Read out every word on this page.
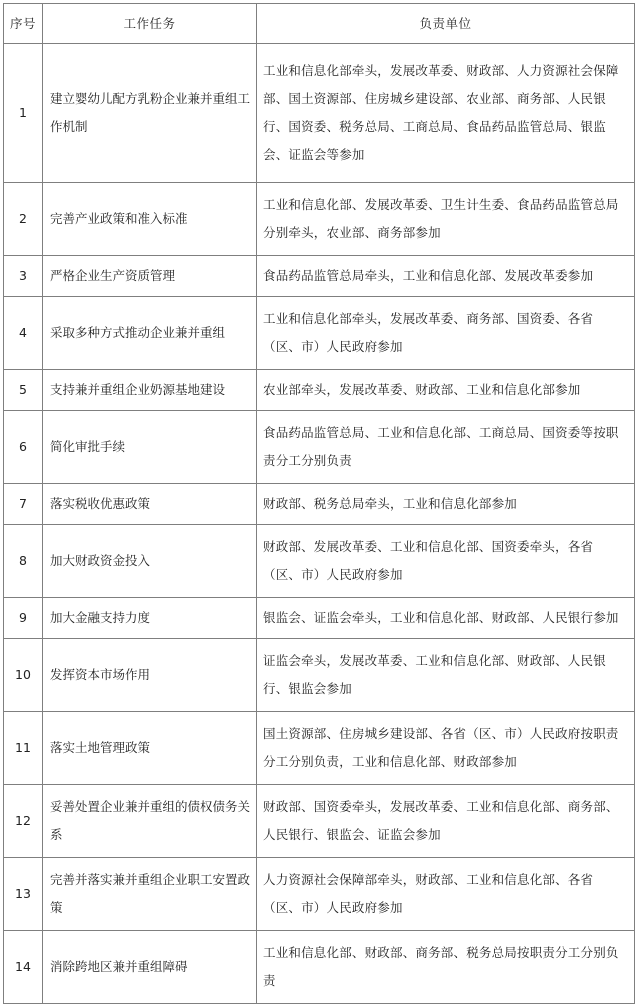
序号	工作任务	负责单位
1	建立婴幼儿配方乳粉企业兼并重组工作机制	工业和信息化部牵头，发展改革委、财政部、人力资源社会保障部、国土资源部、住房城乡建设部、农业部、商务部、人民银行、国资委、税务总局、工商总局、食品药品监管总局、银监会、证监会等参加
2	完善产业政策和准入标准	工业和信息化部、发展改革委、卫生计生委、食品药品监管总局分别牵头，农业部、商务部参加
3	严格企业生产资质管理	食品药品监管总局牵头，工业和信息化部、发展改革委参加
4	采取多种方式推动企业兼并重组	工业和信息化部牵头，发展改革委、商务部、国资委、各省（区、市）人民政府参加
5	支持兼并重组企业奶源基地建设	农业部牵头，发展改革委、财政部、工业和信息化部参加
6	简化审批手续	食品药品监管总局、工业和信息化部、工商总局、国资委等按职责分工分别负责
7	落实税收优惠政策	财政部、税务总局牵头，工业和信息化部参加
8	加大财政资金投入	财政部、发展改革委、工业和信息化部、国资委牵头，各省（区、市）人民政府参加
9	加大金融支持力度	银监会、证监会牵头，工业和信息化部、财政部、人民银行参加
10	发挥资本市场作用	证监会牵头，发展改革委、工业和信息化部、财政部、人民银行、银监会参加
11	落实土地管理政策	国土资源部、住房城乡建设部、各省（区、市）人民政府按职责分工分别负责，工业和信息化部、财政部参加
12	妥善处置企业兼并重组的债权债务关系	财政部、国资委牵头，发展改革委、工业和信息化部、商务部、人民银行、银监会、证监会参加
13	完善并落实兼并重组企业职工安置政策	人力资源社会保障部牵头，财政部、工业和信息化部、各省（区、市）人民政府参加
14	消除跨地区兼并重组障碍	工业和信息化部、财政部、商务部、税务总局按职责分工分别负责
